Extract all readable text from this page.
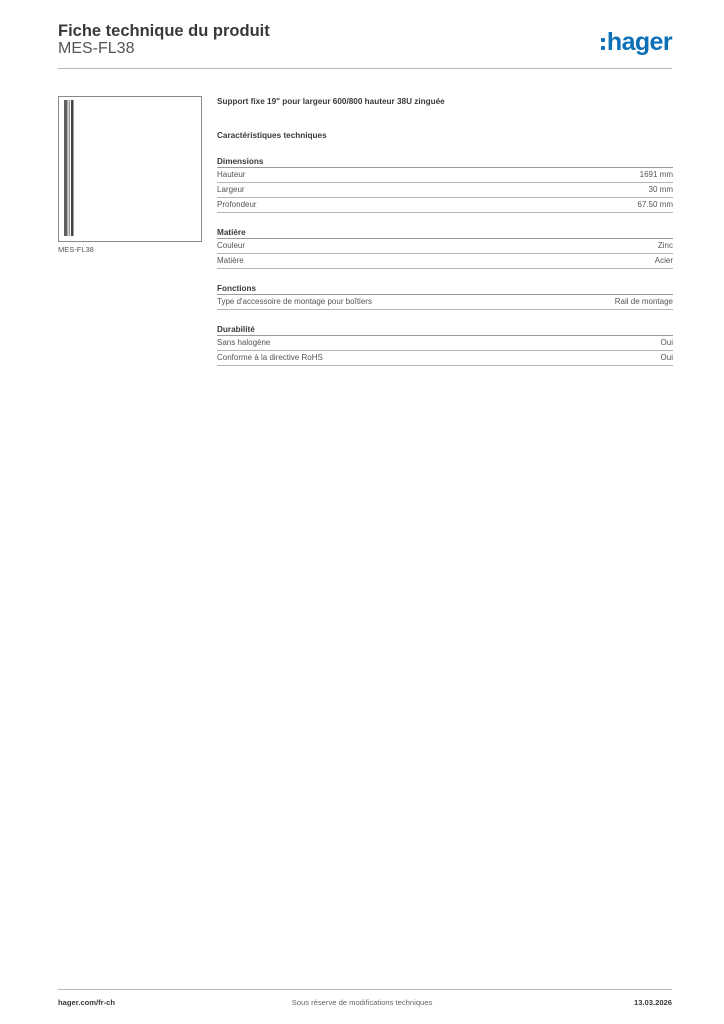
Fiche technique du produit
MES-FL38	hager
MES-FL38
Support fixe 19" pour largeur 600/800 hauteur 38U zinguée
Caractéristiques techniques
Dimensions
Hauteur	1691 mm
Largeur	30 mm
Profondeur	67.50 mm
Matière
Couleur	Zinc
Matière	Acier
Fonctions
Type d'accessoire de montage pour boîtiers	Rail de montage
Durabilité
Sans halogène	Oui
Conforme à la directive RoHS	Oui
hager.com/fr-ch	Sous réserve de modifications techniques	13.03.2026
